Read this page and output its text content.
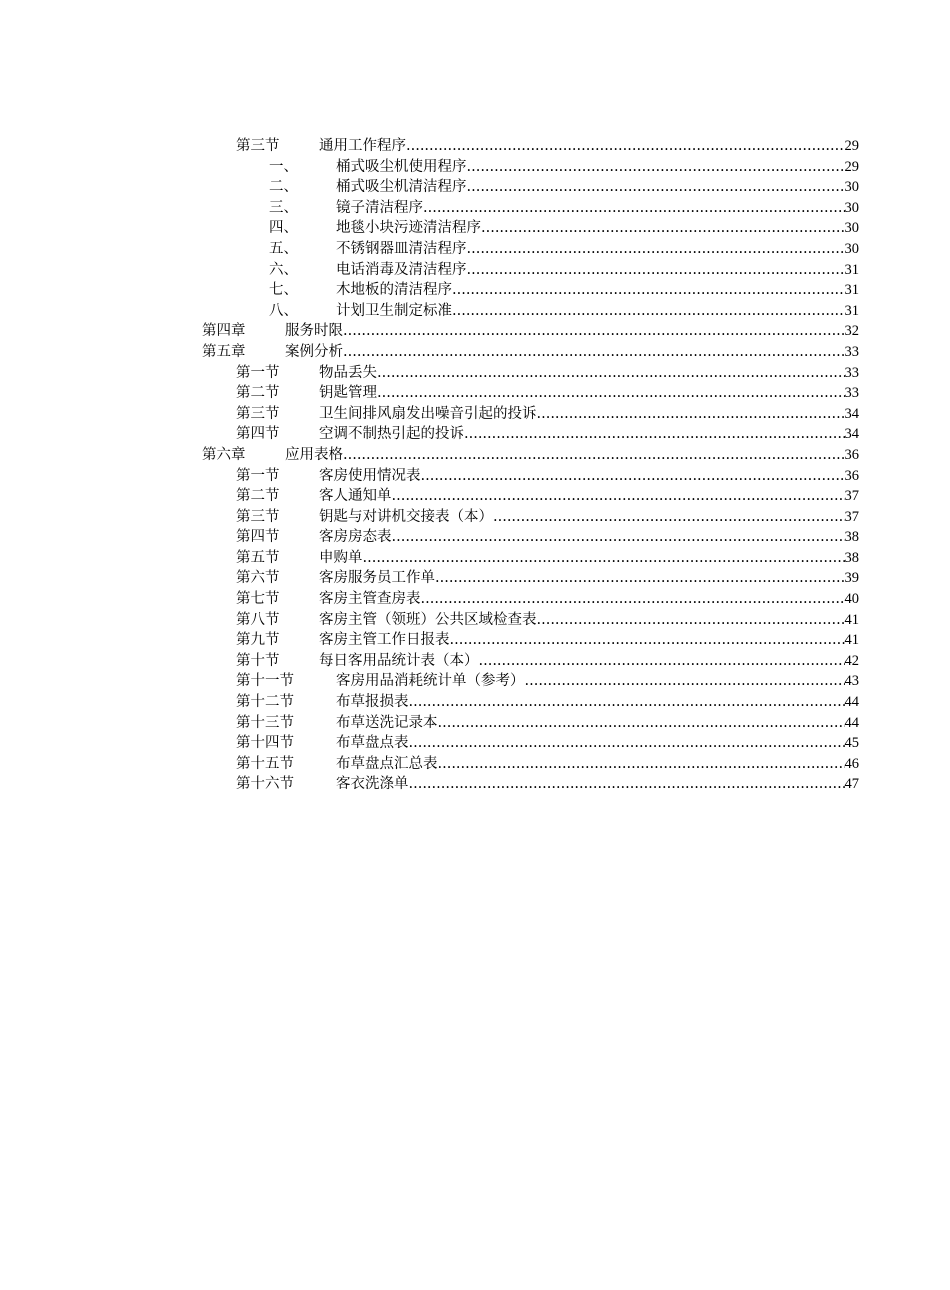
第三节	通用工作程序 .....	29
一、	桶式吸尘机使用程序 .....	29
二、	桶式吸尘机清洁程序 .....	30
三、	镜子清洁程序 .....	30
四、	地毯小块污迹清洁程序 .....	30
五、	不锈钢器皿清洁程序 .....	30
六、	电话消毒及清洁程序 .....	31
七、	木地板的清洁程序 .....	31
八、	计划卫生制定标准 .....	31
第四章	服务时限 .....	32
第五章	案例分析 .....	33
第一节	物品丢失 .....	33
第二节	钥匙管理 .....	33
第三节	卫生间排风扇发出噪音引起的投诉 .....	34
第四节	空调不制热引起的投诉 .....	34
第六章	应用表格 .....	36
第一节	客房使用情况表 .....	36
第二节	客人通知单 .....	37
第三节	钥匙与对讲机交接表（本） .....	37
第四节	客房房态表 .....	38
第五节	申购单 .....	38
第六节	客房服务员工作单 .....	39
第七节	客房主管查房表 .....	40
第八节	客房主管（领班）公共区域检查表 .....	41
第九节	客房主管工作日报表 .....	41
第十节	每日客用品统计表（本） .....	42
第十一节	客房用品消耗统计单（参考） .....	43
第十二节	布草报损表 .....	44
第十三节	布草送洗记录本 .....	44
第十四节	布草盘点表 .....	45
第十五节	布草盘点汇总表 .....	46
第十六节	客衣洗涤单 .....	47
